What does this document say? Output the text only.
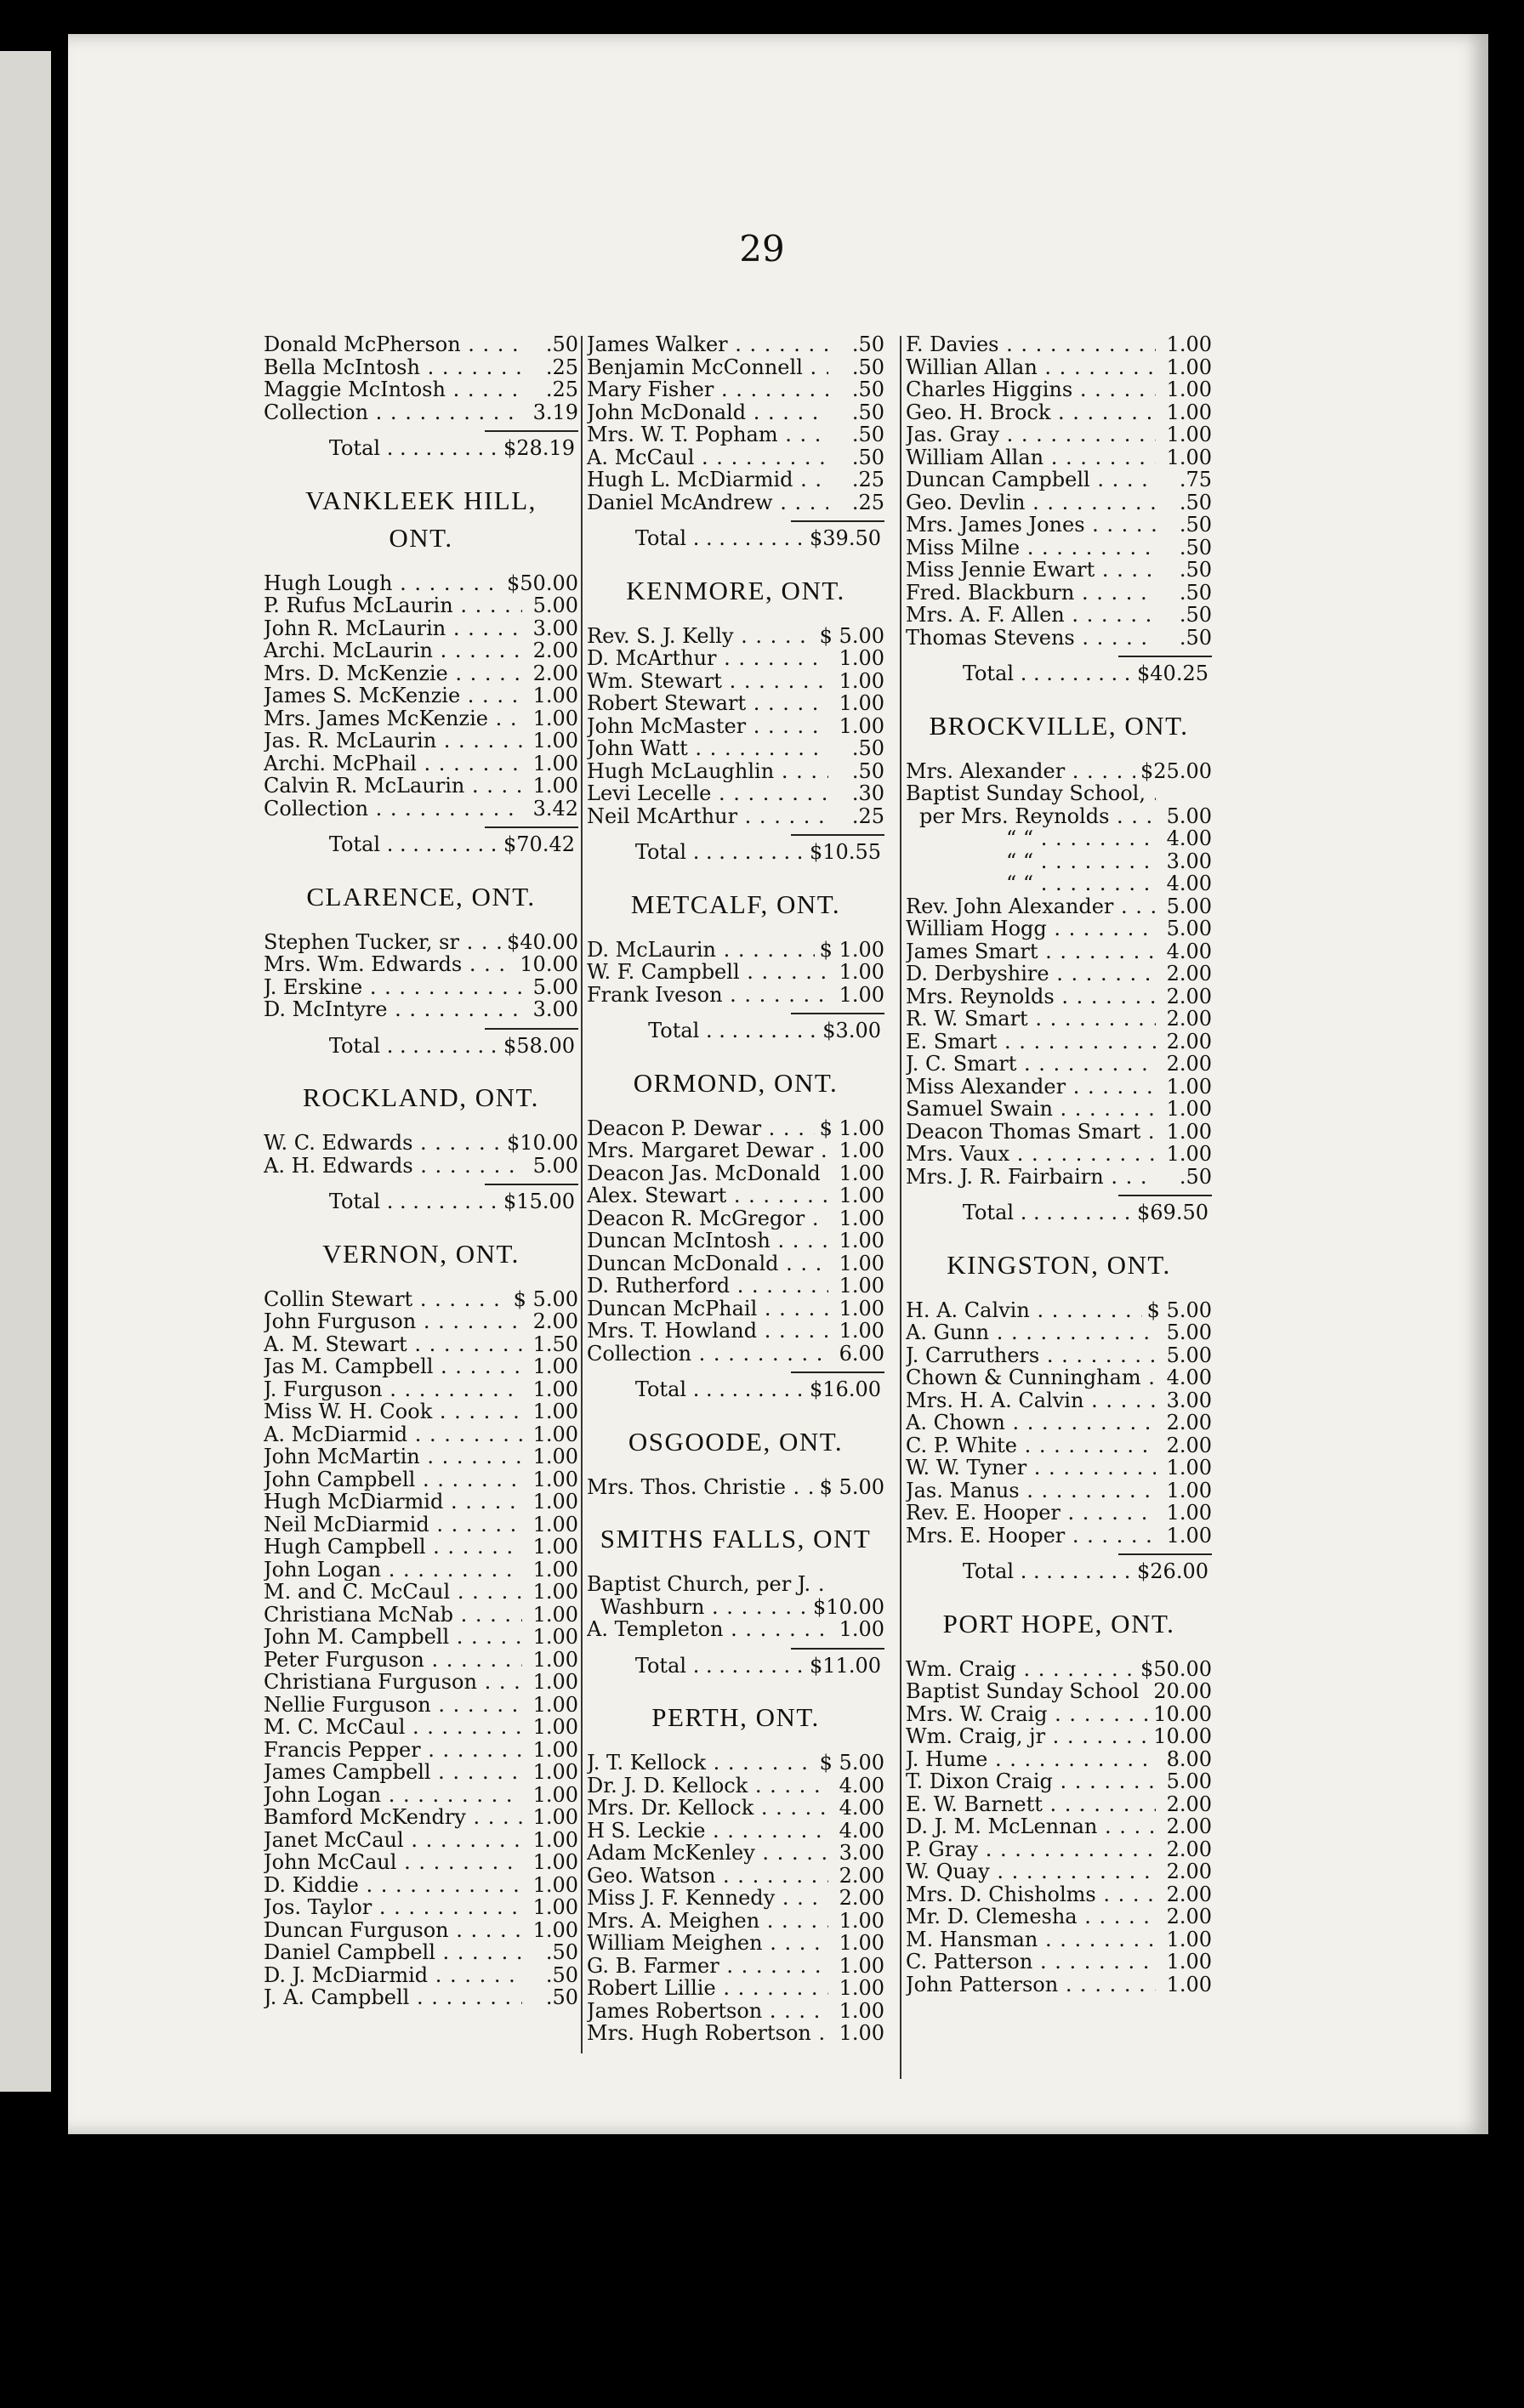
29
Donald McPherson . . .	.50
Bella McIntosh . . .	.25
Maggie McIntosh . . .	.25
Collection . . .	3.19
Total . . . . . . . . . $28.19
VANKLEEK HILL,
ONT.
Hugh Lough . . .	$50.00
P. Rufus McLaurin . . .	5.00
John R. McLaurin . . .	3.00
Archi. McLaurin . . .	2.00
Mrs. D. McKenzie . . .	2.00
James S. McKenzie . . .	1.00
Mrs. James McKenzie . . .	1.00
Jas. R. McLaurin . . .	1.00
Archi. McPhail . . .	1.00
Calvin R. McLaurin . . .	1.00
Collection . . .	3.42
Total . . . . . . . . . $70.42
CLARENCE, ONT.
Stephen Tucker, sr . . .	$40.00
Mrs. Wm. Edwards . . .	10.00
J. Erskine . . .	5.00
D. McIntyre . . .	3.00
Total . . . . . . . . . $58.00
ROCKLAND, ONT.
W. C. Edwards . . .	$10.00
A. H. Edwards . . .	5.00
Total . . . . . . . . . $15.00
VERNON, ONT.
Collin Stewart . . .	$ 5.00
John Furguson . . .	2.00
A. M. Stewart . . .	1.50
Jas M. Campbell . . .	1.00
J. Furguson . . .	1.00
Miss W. H. Cook . . .	1.00
A. McDiarmid . . .	1.00
John McMartin . . .	1.00
John Campbell . . .	1.00
Hugh McDiarmid . . .	1.00
Neil McDiarmid . . .	1.00
Hugh Campbell . . .	1.00
John Logan . . .	1.00
M. and C. McCaul . . .	1.00
Christiana McNab . . .	1.00
John M. Campbell . . .	1.00
Peter Furguson . . .	1.00
Christiana Furguson . . .	1.00
Nellie Furguson . . .	1.00
M. C. McCaul . . .	1.00
Francis Pepper . . .	1.00
James Campbell . . .	1.00
John Logan . . .	1.00
Bamford McKendry . . .	1.00
Janet McCaul . . .	1.00
John McCaul . . .	1.00
D. Kiddie . . .	1.00
Jos. Taylor . . .	1.00
Duncan Furguson . . .	1.00
Daniel Campbell . . .	.50
D. J. McDiarmid . . .	.50
J. A. Campbell . . .	.50
James Walker . . .	.50
Benjamin McConnell . . .	.50
Mary Fisher . . .	.50
John McDonald . . .	.50
Mrs. W. T. Popham . . .	.50
A. McCaul . . .	.50
Hugh L. McDiarmid . . .	.25
Daniel McAndrew . . .	.25
Total . . . . . . . . . $39.50
KENMORE, ONT.
Rev. S. J. Kelly . . .	$ 5.00
D. McArthur . . .	1.00
Wm. Stewart . . .	1.00
Robert Stewart . . .	1.00
John McMaster . . .	1.00
John Watt . . .	.50
Hugh McLaughlin . . .	.50
Levi Lecelle . . .	.30
Neil McArthur . . .	.25
Total . . . . . . . . . $10.55
METCALF, ONT.
D. McLaurin . . .	$ 1.00
W. F. Campbell . . .	1.00
Frank Iveson . . .	1.00
Total . . . . . . . . . $3.00
ORMOND, ONT.
Deacon P. Dewar . . .	$ 1.00
Mrs. Margaret Dewar . . .	1.00
Deacon Jas. McDonald . . . 1.00
Alex. Stewart . . .	1.00
Deacon R. McGregor . . .	1.00
Duncan McIntosh . . .	1.00
Duncan McDonald . . .	1.00
D. Rutherford . . .	1.00
Duncan McPhail . . .	1.00
Mrs. T. Howland . . .	1.00
Collection . . .	6.00
Total . . . . . . . . . $16.00
OSGOODE, ONT.
Mrs. Thos. Christie . . .	$ 5.00
SMITHS FALLS, ONT
Baptist Church, per J. . . .
Washburn . . .	$10.00
A. Templeton . . .	1.00
Total . . . . . . . . . $11.00
PERTH, ONT.
J. T. Kellock . . .	$ 5.00
Dr. J. D. Kellock . . .	4.00
Mrs. Dr. Kellock . . .	4.00
H S. Leckie . . .	4.00
Adam McKenley . . .	3.00
Geo. Watson . . .	2.00
Miss J. F. Kennedy . . .	2.00
Mrs. A. Meighen . . .	1.00
William Meighen . . .	1.00
G. B. Farmer . . .	1.00
Robert Lillie . . .	1.00
James Robertson . . .	1.00
Mrs. Hugh Robertson . . .	1.00
F. Davies . . .	1.00
Willian Allan . . .	1.00
Charles Higgins . . .	1.00
Geo. H. Brock . . .	1.00
Jas. Gray . . .	1.00
William Allan . . .	1.00
Duncan Campbell . . .	.75
Geo. Devlin . . .	.50
Mrs. James Jones . . .	.50
Miss Milne . . .	.50
Miss Jennie Ewart . . .	.50
Fred. Blackburn . . .	.50
Mrs. A. F. Allen . . .	.50
Thomas Stevens . . .	.50
Total . . . . . . . . . $40.25
BROCKVILLE, ONT.
Mrs. Alexander . . .	$25.00
Baptist Sunday School, . . .
per Mrs. Reynolds . . .	5.00
“ “ . . .	4.00
“ “ . . .	3.00
“ “ . . .	4.00
Rev. John Alexander . . .	5.00
William Hogg . . .	5.00
James Smart . . .	4.00
D. Derbyshire . . .	2.00
Mrs. Reynolds . . .	2.00
R. W. Smart . . .	2.00
E. Smart . . .	2.00
J. C. Smart . . .	2.00
Miss Alexander . . .	1.00
Samuel Swain . . .	1.00
Deacon Thomas Smart . . .	1.00
Mrs. Vaux . . .	1.00
Mrs. J. R. Fairbairn . . .	.50
Total . . . . . . . . . $69.50
KINGSTON, ONT.
H. A. Calvin . . .	$ 5.00
A. Gunn . . .	5.00
J. Carruthers . . .	5.00
Chown & Cunningham . . .	4.00
Mrs. H. A. Calvin . . .	3.00
A. Chown . . .	2.00
C. P. White . . .	2.00
W. W. Tyner . . .	1.00
Jas. Manus . . .	1.00
Rev. E. Hooper . . .	1.00
Mrs. E. Hooper . . .	1.00
Total . . . . . . . . . $26.00
PORT HOPE, ONT.
Wm. Craig . . .	$50.00
Baptist Sunday School . . . 20.00
Mrs. W. Craig . . .	10.00
Wm. Craig, jr . . .	10.00
J. Hume . . .	8.00
T. Dixon Craig . . .	5.00
E. W. Barnett . . .	2.00
D. J. M. McLennan . . .	2.00
P. Gray . . .	2.00
W. Quay . . .	2.00
Mrs. D. Chisholms . . .	2.00
Mr. D. Clemesha . . .	2.00
M. Hansman . . .	1.00
C. Patterson . . .	1.00
John Patterson . . .	1.00
